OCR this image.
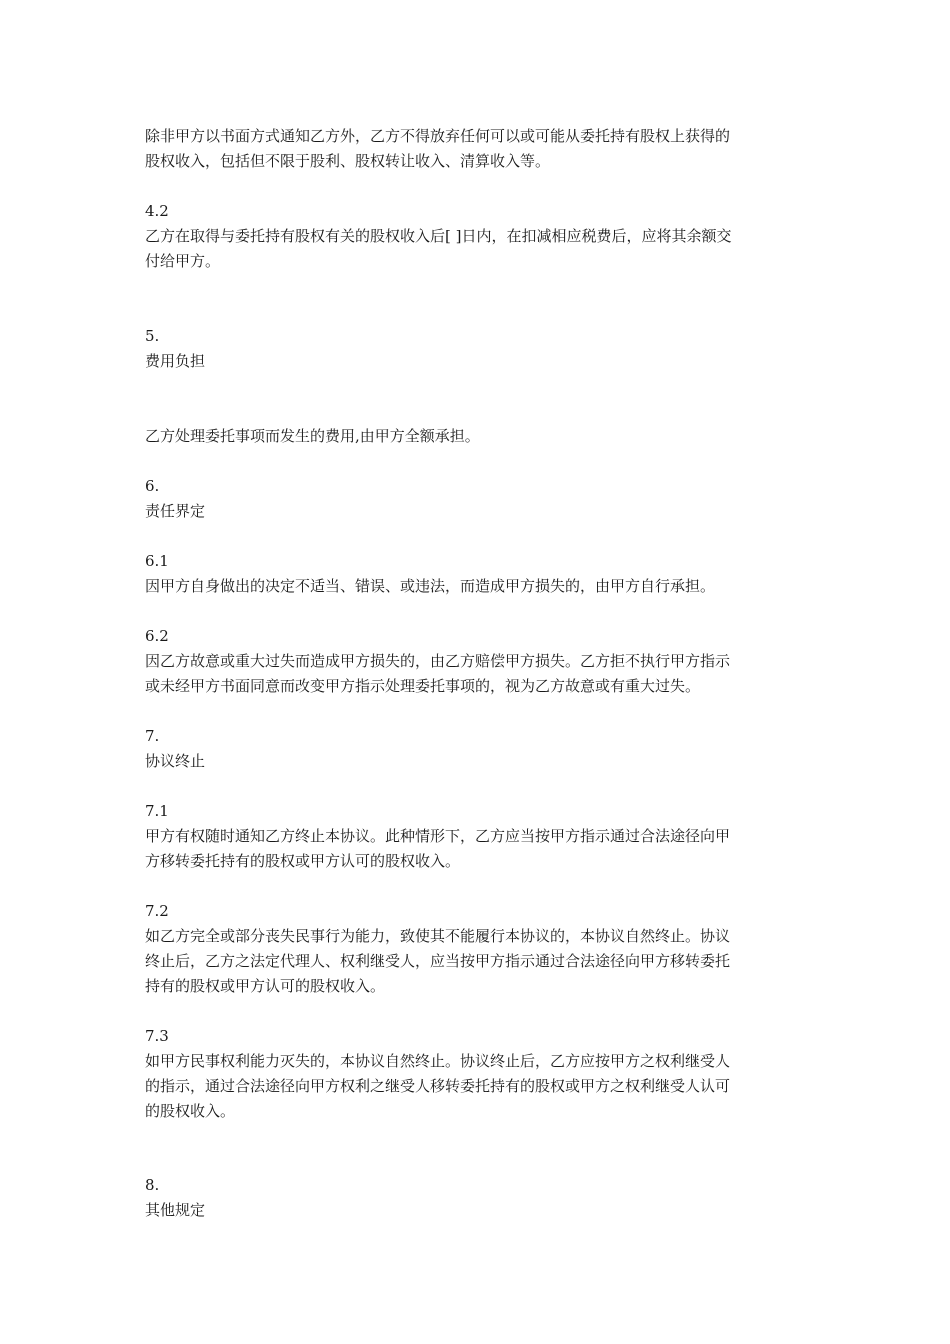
除非甲方以书面方式通知乙方外，乙方不得放弃任何可以或可能从委托持有股权上获得的
股权收入，包括但不限于股利、股权转让收入、清算收入等。
4.2
乙方在取得与委托持有股权有关的股权收入后[ ]日内，在扣减相应税费后，应将其余额交
付给甲方。
5.
费用负担
乙方处理委托事项而发生的费用,由甲方全额承担。
6.
责任界定
6.1
因甲方自身做出的决定不适当、错误、或违法，而造成甲方损失的，由甲方自行承担。
6.2
因乙方故意或重大过失而造成甲方损失的，由乙方赔偿甲方损失。乙方拒不执行甲方指示
或未经甲方书面同意而改变甲方指示处理委托事项的，视为乙方故意或有重大过失。
7.
协议终止
7.1
甲方有权随时通知乙方终止本协议。此种情形下，乙方应当按甲方指示通过合法途径向甲
方移转委托持有的股权或甲方认可的股权收入。
7.2
如乙方完全或部分丧失民事行为能力，致使其不能履行本协议的，本协议自然终止。协议
终止后，乙方之法定代理人、权利继受人，应当按甲方指示通过合法途径向甲方移转委托
持有的股权或甲方认可的股权收入。
7.3
如甲方民事权利能力灭失的，本协议自然终止。协议终止后，乙方应按甲方之权利继受人
的指示，通过合法途径向甲方权利之继受人移转委托持有的股权或甲方之权利继受人认可
的股权收入。
8.
其他规定
